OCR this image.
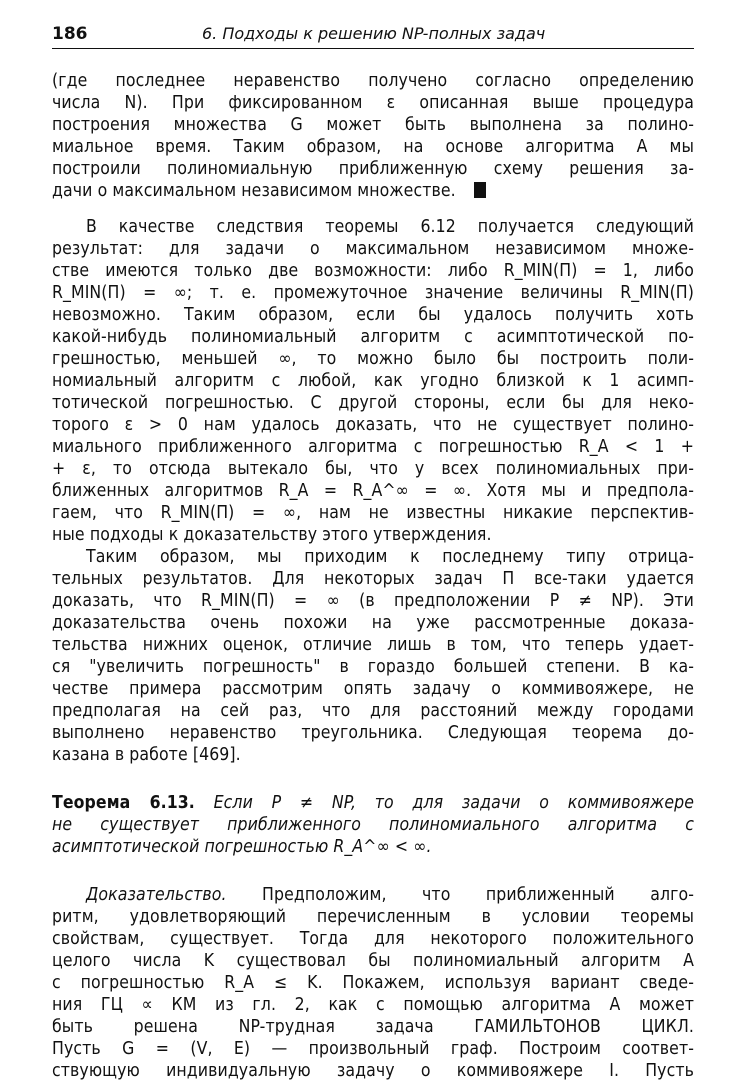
186	6. Подходы к решению NP-полных задач
(где последнее неравенство получено согласно определению
числа N). При фиксированном ε описанная выше процедура
построения множества G может быть выполнена за полино-
миальное время. Таким образом, на основе алгоритма A мы
построили полиномиальную приближенную схему решения за-
дачи о максимальном независимом множестве.
В качестве следствия теоремы 6.12 получается следующий
результат: для задачи о максимальном независимом множе-
стве имеются только две возможности: либо R_MIN(Π) = 1, либо
R_MIN(Π) = ∞; т. е. промежуточное значение величины R_MIN(Π)
невозможно. Таким образом, если бы удалось получить хоть
какой-нибудь полиномиальный алгоритм с асимптотической по-
грешностью, меньшей ∞, то можно было бы построить поли-
номиальный алгоритм с любой, как угодно близкой к 1 асимп-
тотической погрешностью. С другой стороны, если бы для неко-
торого ε > 0 нам удалось доказать, что не существует полино-
миального приближенного алгоритма с погрешностью R_A < 1 +
+ ε, то отсюда вытекало бы, что у всех полиномиальных при-
ближенных алгоритмов R_A = R_A^∞ = ∞. Хотя мы и предпола-
гаем, что R_MIN(Π) = ∞, нам не известны никакие перспектив-
ные подходы к доказательству этого утверждения.
Таким образом, мы приходим к последнему типу отрица-
тельных результатов. Для некоторых задач Π все-таки удается
доказать, что R_MIN(Π) = ∞ (в предположении P ≠ NP). Эти
доказательства очень похожи на уже рассмотренные доказа-
тельства нижних оценок, отличие лишь в том, что теперь удает-
ся "увеличить погрешность" в гораздо большей степени. В ка-
честве примера рассмотрим опять задачу о коммивояжере, не
предполагая на сей раз, что для расстояний между городами
выполнено неравенство треугольника. Следующая теорема до-
казана в работе [469].
Теорема 6.13. Если P ≠ NP, то для задачи о коммивояжере
не существует приближенного полиномиального алгоритма с
асимптотической погрешностью R_A^∞ < ∞.
Доказательство. Предположим, что приближенный алго-
ритм, удовлетворяющий перечисленным в условии теоремы
свойствам, существует. Тогда для некоторого положительного
целого числа K существовал бы полиномиальный алгоритм A
с погрешностью R_A ≤ K. Покажем, используя вариант сведе-
ния ГЦ ∝ КМ из гл. 2, как с помощью алгоритма A может
быть решена NP-трудная задача ГАМИЛЬТОНОВ ЦИКЛ.
Пусть G = (V, E) — произвольный граф. Построим соответ-
ствующую индивидуальную задачу о коммивояжере I. Пусть
